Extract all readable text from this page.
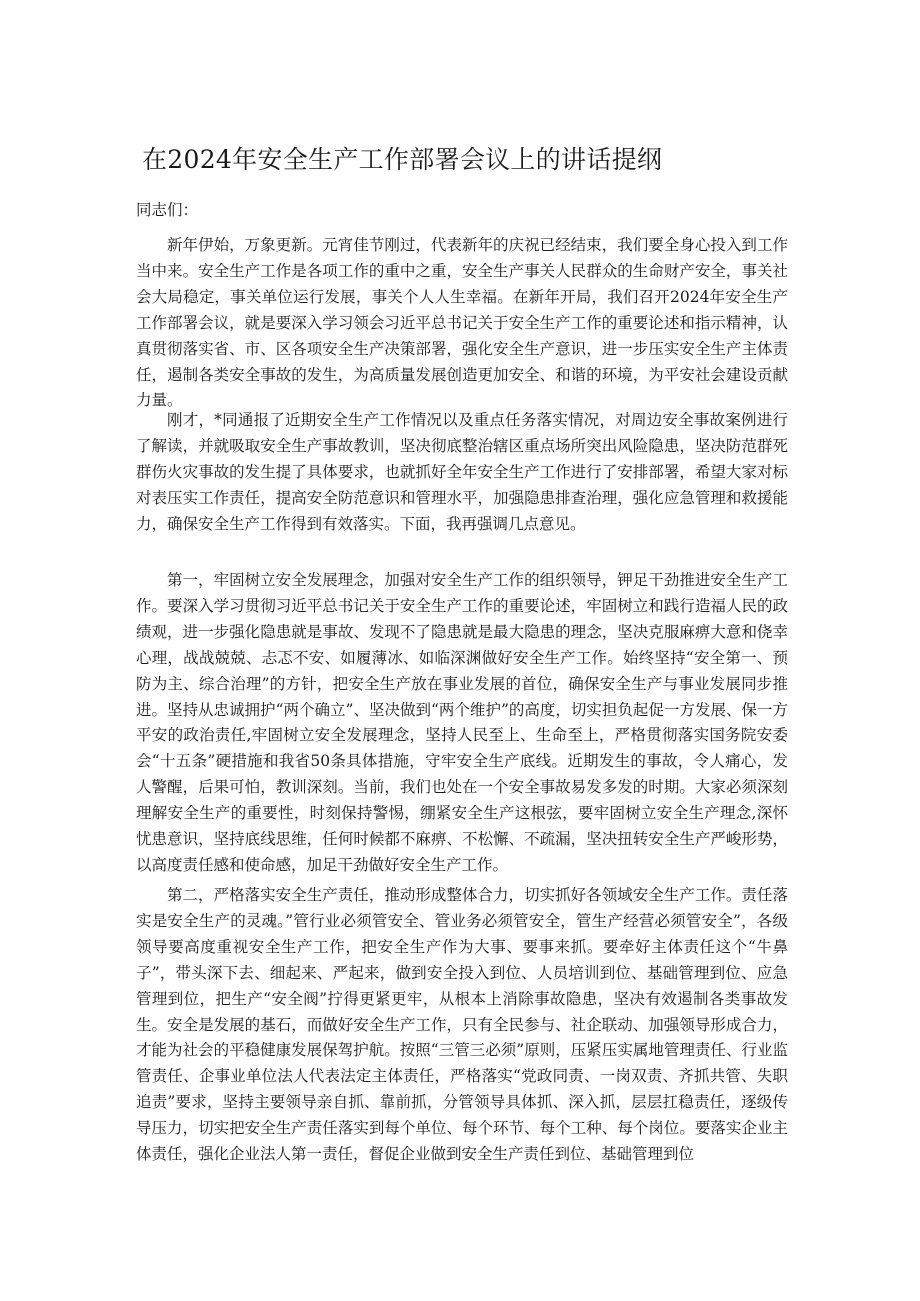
在2024年安全生产工作部署会议上的讲话提纲

同志们：

新年伊始，万象更新。元宵佳节刚过，代表新年的庆祝已经结束，我们要全身心投入到工作当中来。安全生产工作是各项工作的重中之重，安全生产事关人民群众的生命财产安全，事关社会大局稳定，事关单位运行发展，事关个人人生幸福。在新年开局，我们召开2024年安全生产工作部署会议，就是要深入学习领会习近平总书记关于安全生产工作的重要论述和指示精神，认真贯彻落实省、市、区各项安全生产决策部署，强化安全生产意识，进一步压实安全生产主体责任，遏制各类安全事故的发生，为高质量发展创造更加安全、和谐的环境，为平安社会建设贡献力量。

刚才，*同通报了近期安全生产工作情况以及重点任务落实情况，对周边安全事故案例进行了解读，并就吸取安全生产事故教训，坚决彻底整治辖区重点场所突出风险隐患，坚决防范群死群伤火灾事故的发生提了具体要求，也就抓好全年安全生产工作进行了安排部署，希望大家对标对表压实工作责任，提高安全防范意识和管理水平，加强隐患排查治理，强化应急管理和救援能力，确保安全生产工作得到有效落实。下面，我再强调几点意见。

第一，牢固树立安全发展理念，加强对安全生产工作的组织领导，钾足干劲推进安全生产工作。要深入学习贯彻习近平总书记关于安全生产工作的重要论述，牢固树立和践行造福人民的政绩观，进一步强化隐患就是事故、发现不了隐患就是最大隐患的理念，坚决克服麻痹大意和侥幸心理，战战兢兢、忐忑不安、如履薄冰、如临深渊做好安全生产工作。始终坚持“安全第一、预防为主、综合治理”的方针，把安全生产放在事业发展的首位，确保安全生产与事业发展同步推进。坚持从忠诚拥护“两个确立”、坚决做到“两个维护”的高度，切实担负起促一方发展、保一方平安的政治责任,牢固树立安全发展理念，坚持人民至上、生命至上，严格贯彻落实国务院安委会“十五条”硬措施和我省50条具体措施，守牢安全生产底线。近期发生的事故，令人痛心，发人警醒，后果可怕，教训深刻。当前，我们也处在一个安全事故易发多发的时期。大家必须深刻理解安全生产的重要性，时刻保持警惕，绷紧安全生产这根弦，要牢固树立安全生产理念,深怀忧患意识，坚持底线思维，任何时候都不麻痹、不松懈、不疏漏，坚决扭转安全生产严峻形势，以高度责任感和使命感，加足干劲做好安全生产工作。

第二，严格落实安全生产责任，推动形成整体合力，切实抓好各领域安全生产工作。责任落实是安全生产的灵魂。”管行业必须管安全、管业务必须管安全，管生产经营必须管安全”，各级领导要高度重视安全生产工作，把安全生产作为大事、要事来抓。要牵好主体责任这个“牛鼻子”，带头深下去、细起来、严起来，做到安全投入到位、人员培训到位、基础管理到位、应急管理到位，把生产“安全阀”拧得更紧更牢，从根本上消除事故隐患，坚决有效遏制各类事故发生。安全是发展的基石，而做好安全生产工作，只有全民参与、社企联动、加强领导形成合力，才能为社会的平稳健康发展保驾护航。按照“三管三必须”原则，压紧压实属地管理责任、行业监管责任、企事业单位法人代表法定主体责任，严格落实“党政同责、一岗双责、齐抓共管、失职追责”要求，坚持主要领导亲自抓、靠前抓，分管领导具体抓、深入抓，层层扛稳责任，逐级传导压力，切实把安全生产责任落实到每个单位、每个环节、每个工种、每个岗位。要落实企业主体责任，强化企业法人第一责任，督促企业做到安全生产责任到位、基础管理到位
